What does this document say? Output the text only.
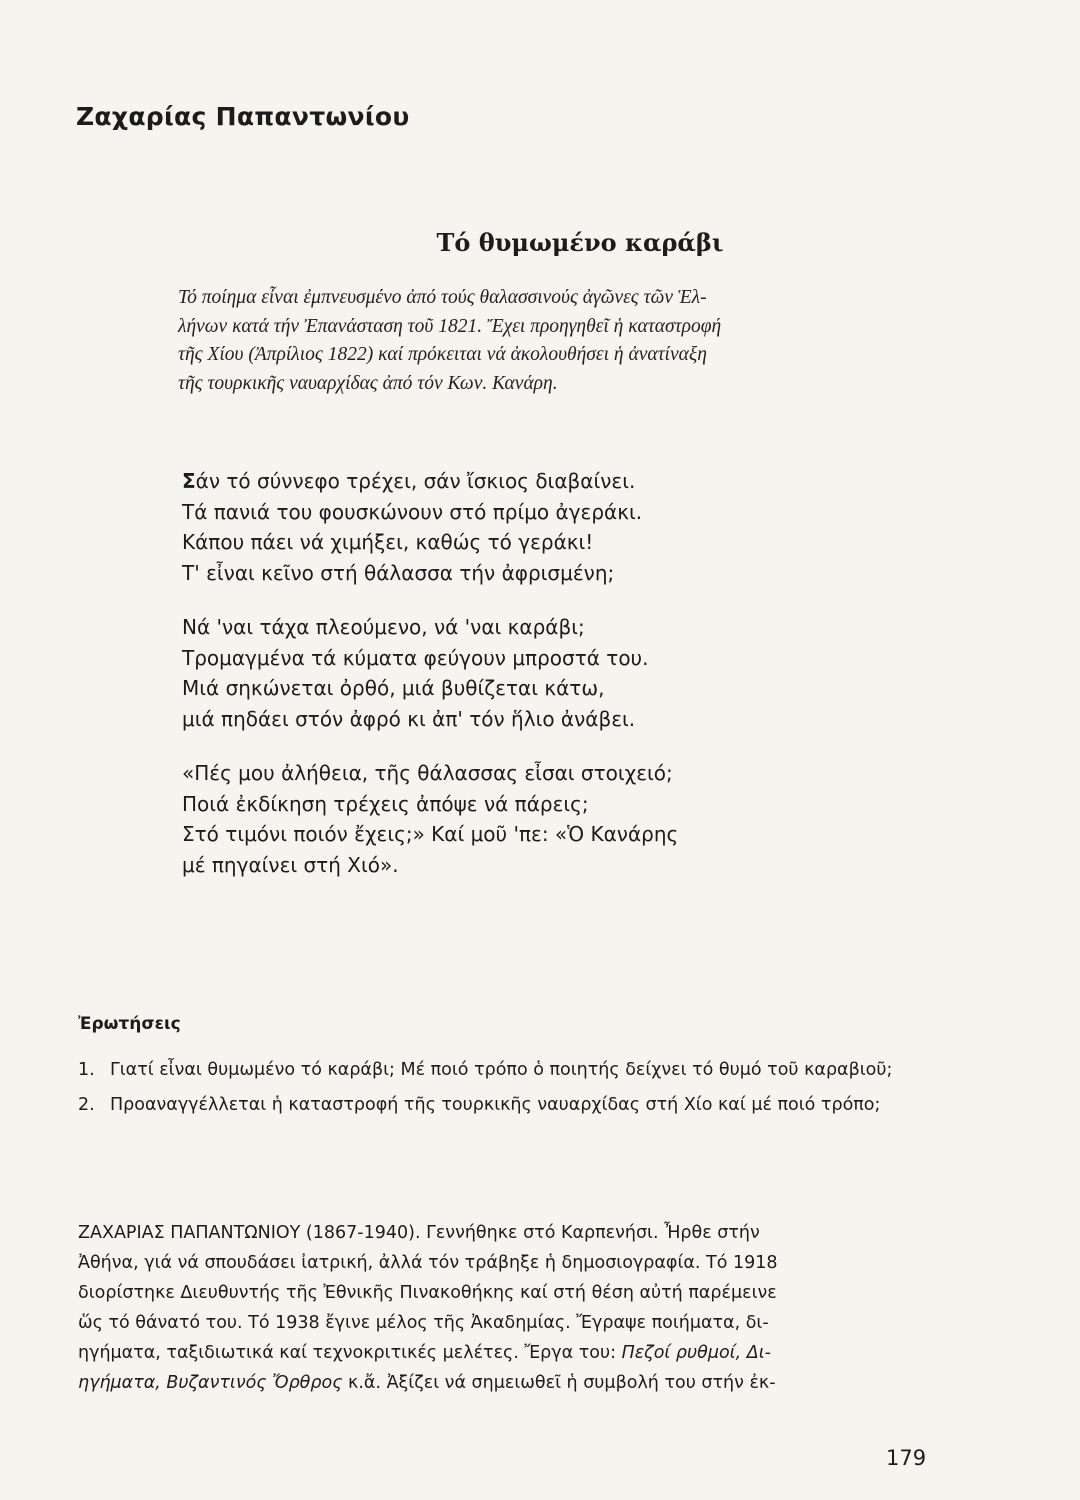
Ζαχαρίας Παπαντωνίου
Τό θυμωμένο καράβι

Τό ποίημα εἶναι ἐμπνευσμένο ἀπό τούς θαλασσινούς ἀγῶνες τῶν Ἑλ-
λήνων κατά τήν Ἐπανάσταση τοῦ 1821. Ἔχει προηγηθεῖ ἡ καταστροφή
τῆς Χίου (Ἀπρίλιος 1822) καί πρόκειται νά ἀκολουθήσει ἡ ἀνατίναξη
τῆς τουρκικῆς ναυαρχίδας ἀπό τόν Κων. Κανάρη.

Σάν τό σύννεφο τρέχει, σάν ἴσκιος διαβαίνει.
Τά πανιά του φουσκώνουν στό πρίμο ἀγεράκι.
Κάπου πάει νά χιμήξει, καθώς τό γεράκι!
Τ' εἶναι κεῖνο στή θάλασσα τήν ἀφρισμένη;

Νά 'ναι τάχα πλεούμενο, νά 'ναι καράβι;
Τρομαγμένα τά κύματα φεύγουν μπροστά του.
Μιά σηκώνεται ὀρθό, μιά βυθίζεται κάτω,
μιά πηδάει στόν ἀφρό κι ἀπ' τόν ἥλιο ἀνάβει.

«Πές μου ἀλήθεια, τῆς θάλασσας εἶσαι στοιχειό;
Ποιά ἐκδίκηση τρέχεις ἀπόψε νά πάρεις;
Στό τιμόνι ποιόν ἔχεις;» Καί μοῦ 'πε: «Ὁ Κανάρης
μέ πηγαίνει στή Χιό».

Ἐρωτήσεις
1. Γιατί εἶναι θυμωμένο τό καράβι; Μέ ποιό τρόπο ὁ ποιητής δείχνει τό θυμό τοῦ καραβιοῦ;
2. Προαναγγέλλεται ἡ καταστροφή τῆς τουρκικῆς ναυαρχίδας στή Χίο καί μέ ποιό τρόπο;
ΖΑΧΑΡΙΑΣ ΠΑΠΑΝΤΩΝΙΟΥ (1867-1940). Γεννήθηκε στό Καρπενήσι. Ἦρθε στήν
Ἀθήνα, γιά νά σπουδάσει ἰατρική, ἀλλά τόν τράβηξε ἡ δημοσιογραφία. Τό 1918
διορίστηκε Διευθυντής τῆς Ἐθνικῆς Πινακοθήκης καί στή θέση αὐτή παρέμεινε
ὥς τό θάνατό του. Τό 1938 ἔγινε μέλος τῆς Ἀκαδημίας. Ἔγραψε ποιήματα, δι-
ηγήματα, ταξιδιωτικά καί τεχνοκριτικές μελέτες. Ἔργα του: Πεζοί ρυθμοί, Δι-
ηγήματα, Βυζαντινός Ὄρθρος κ.ἄ. Ἀξίζει νά σημειωθεῖ ἡ συμβολή του στήν ἐκ-

179
